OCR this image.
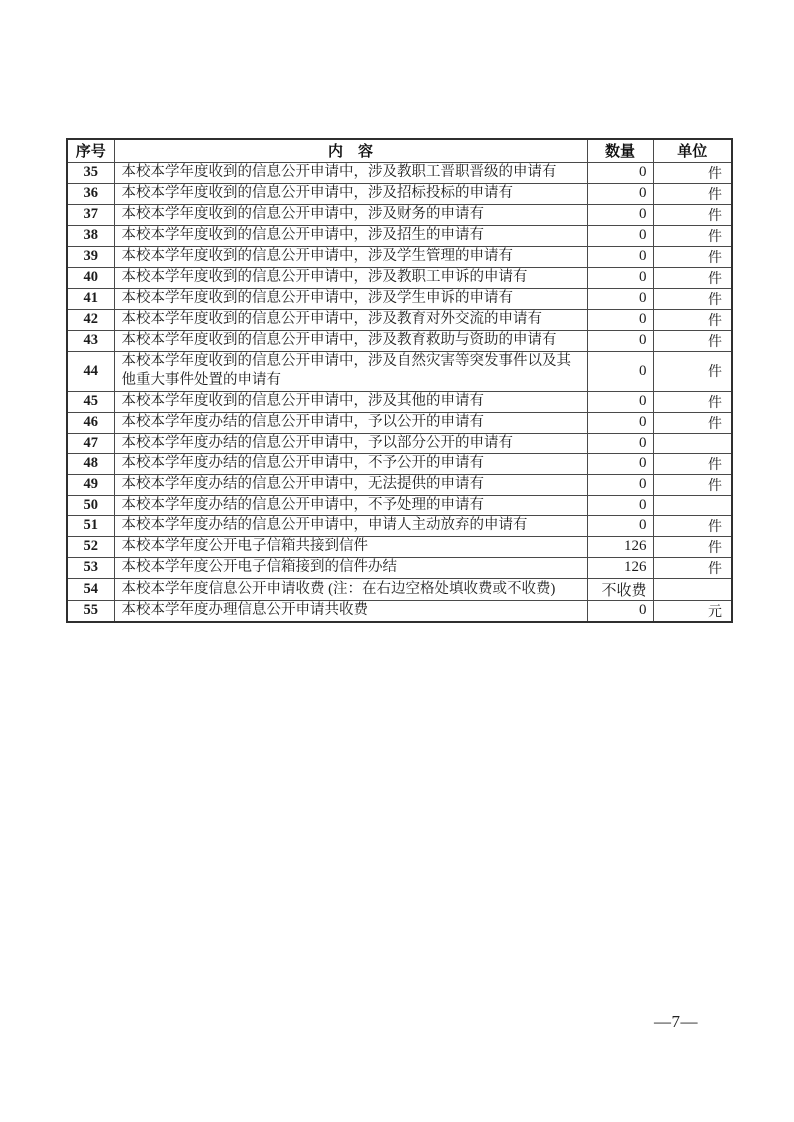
序号	内　容	数量	单位
35	本校本学年度收到的信息公开申请中，涉及教职工晋职晋级的申请有	0	件
36	本校本学年度收到的信息公开申请中，涉及招标投标的申请有	0	件
37	本校本学年度收到的信息公开申请中，涉及财务的申请有	0	件
38	本校本学年度收到的信息公开申请中，涉及招生的申请有	0	件
39	本校本学年度收到的信息公开申请中，涉及学生管理的申请有	0	件
40	本校本学年度收到的信息公开申请中，涉及教职工申诉的申请有	0	件
41	本校本学年度收到的信息公开申请中，涉及学生申诉的申请有	0	件
42	本校本学年度收到的信息公开申请中，涉及教育对外交流的申请有	0	件
43	本校本学年度收到的信息公开申请中，涉及教育救助与资助的申请有	0	件
44	本校本学年度收到的信息公开申请中，涉及自然灾害等突发事件以及其他重大事件处置的申请有	0	件
45	本校本学年度收到的信息公开申请中，涉及其他的申请有	0	件
46	本校本学年度办结的信息公开申请中，予以公开的申请有	0	件
47	本校本学年度办结的信息公开申请中，予以部分公开的申请有	0	
48	本校本学年度办结的信息公开申请中，不予公开的申请有	0	件
49	本校本学年度办结的信息公开申请中，无法提供的申请有	0	件
50	本校本学年度办结的信息公开申请中，不予处理的申请有	0	
51	本校本学年度办结的信息公开申请中，申请人主动放弃的申请有	0	件
52	本校本学年度公开电子信箱共接到信件	126	件
53	本校本学年度公开电子信箱接到的信件办结	126	件
54	本校本学年度信息公开申请收费 (注：在右边空格处填收费或不收费)	不收费	
55	本校本学年度办理信息公开申请共收费	0	元
—7—
